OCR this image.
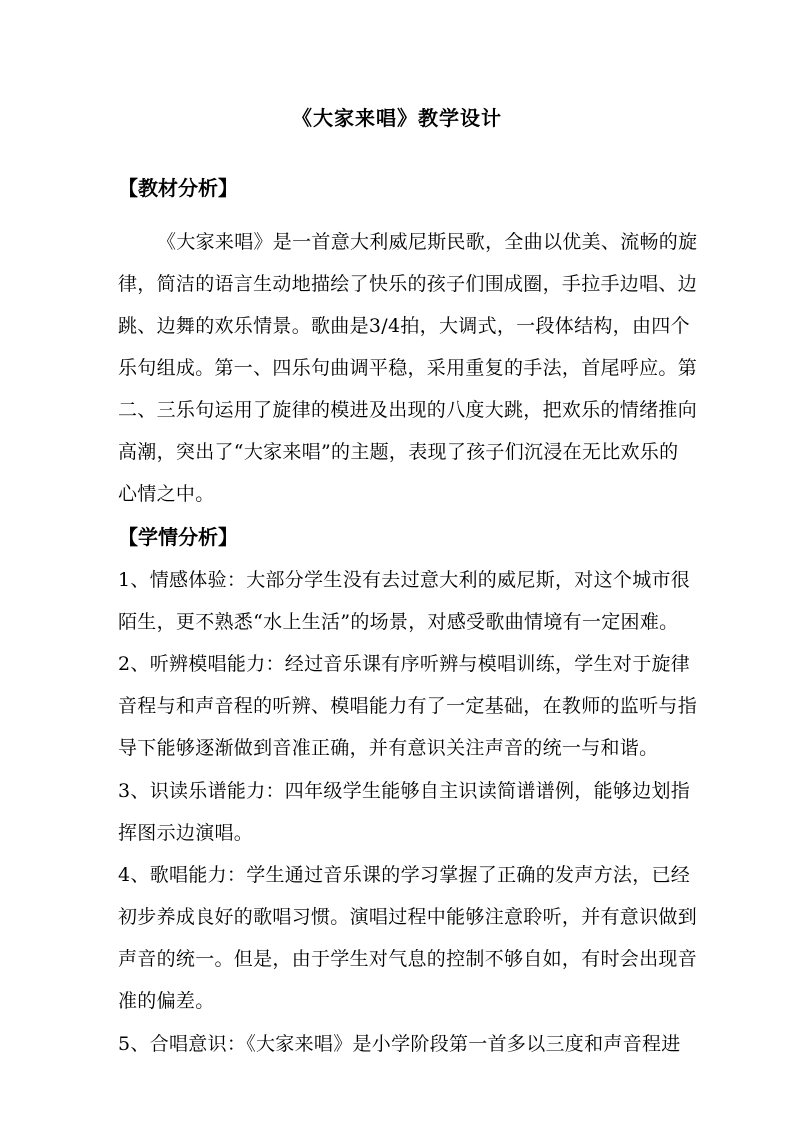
《大家来唱》教学设计
【教材分析】
《大家来唱》是一首意大利威尼斯民歌，全曲以优美、流畅的旋
律，简洁的语言生动地描绘了快乐的孩子们围成圈，手拉手边唱、边
跳、边舞的欢乐情景。歌曲是3/4拍，大调式，一段体结构，由四个
乐句组成。第一、四乐句曲调平稳，采用重复的手法，首尾呼应。第
二、三乐句运用了旋律的模进及出现的八度大跳，把欢乐的情绪推向
高潮，突出了“大家来唱”的主题，表现了孩子们沉浸在无比欢乐的
心情之中。
【学情分析】
1、情感体验：大部分学生没有去过意大利的威尼斯，对这个城市很
陌生，更不熟悉“水上生活”的场景，对感受歌曲情境有一定困难。
2、听辨模唱能力：经过音乐课有序听辨与模唱训练，学生对于旋律
音程与和声音程的听辨、模唱能力有了一定基础，在教师的监听与指
导下能够逐渐做到音准正确，并有意识关注声音的统一与和谐。
3、识读乐谱能力：四年级学生能够自主识读简谱谱例，能够边划指
挥图示边演唱。
4、歌唱能力：学生通过音乐课的学习掌握了正确的发声方法，已经
初步养成良好的歌唱习惯。演唱过程中能够注意聆听，并有意识做到
声音的统一。但是，由于学生对气息的控制不够自如，有时会出现音
准的偏差。
5、合唱意识：《大家来唱》是小学阶段第一首多以三度和声音程进
